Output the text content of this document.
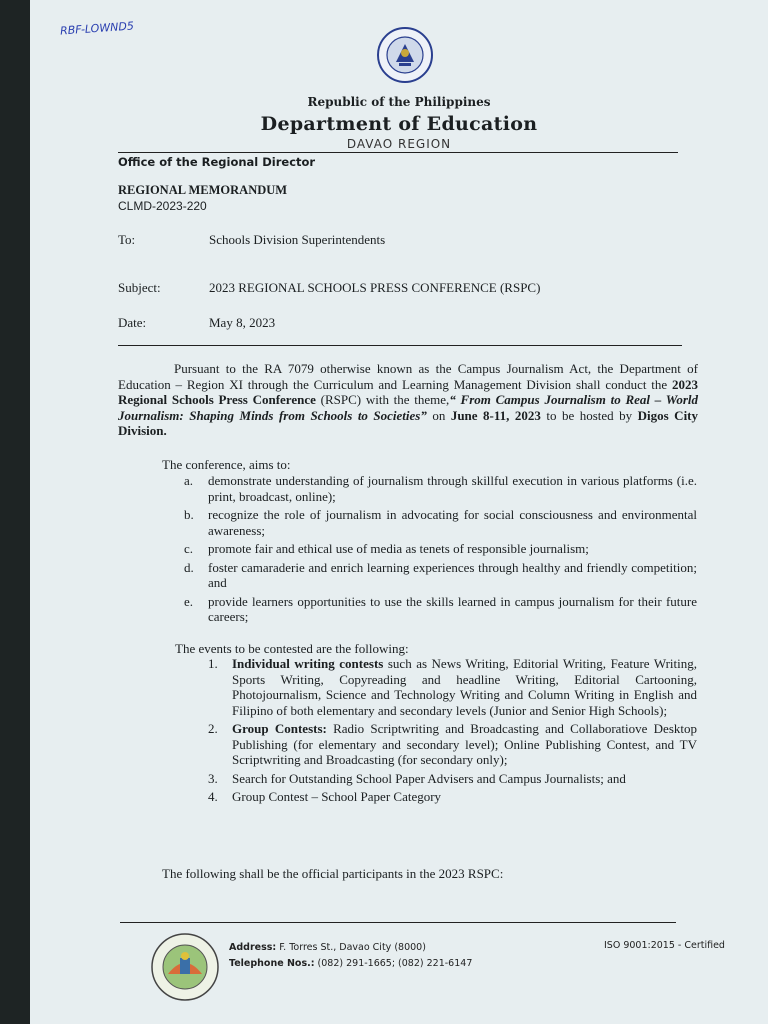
RBF-LOWND5
Republic of the Philippines
Department of Education
DAVAO REGION
Office of the Regional Director
REGIONAL MEMORANDUM
CLMD-2023-220
To:	Schools Division Superintendents
Subject:	2023 REGIONAL SCHOOLS PRESS CONFERENCE (RSPC)
Date:	May 8, 2023
Pursuant to the RA 7079 otherwise known as the Campus Journalism Act, the Department of Education – Region XI through the Curriculum and Learning Management Division shall conduct the 2023 Regional Schools Press Conference (RSPC) with the theme,“ From Campus Journalism to Real – World Journalism: Shaping Minds from Schools to Societies” on June 8-11, 2023 to be hosted by Digos City Division.
The conference, aims to:
a. demonstrate understanding of journalism through skillful execution in various platforms (i.e. print, broadcast, online);
b. recognize the role of journalism in advocating for social consciousness and environmental awareness;
c. promote fair and ethical use of media as tenets of responsible journalism;
d. foster camaraderie and enrich learning experiences through healthy and friendly competition; and
e. provide learners opportunities to use the skills learned in campus journalism for their future careers;
The events to be contested are the following:
1. Individual writing contests such as News Writing, Editorial Writing, Feature Writing, Sports Writing, Copyreading and headline Writing, Editorial Cartooning, Photojournalism, Science and Technology Writing and Column Writing in English and Filipino of both elementary and secondary levels (Junior and Senior High Schools);
2. Group Contests: Radio Scriptwriting and Broadcasting and Collaboratiove Desktop Publishing (for elementary and secondary level); Online Publishing Contest, and TV Scriptwriting and Broadcasting (for secondary only);
3. Search for Outstanding School Paper Advisers and Campus Journalists; and
4. Group Contest – School Paper Category
The following shall be the official participants in the 2023 RSPC:
Address: F. Torres St., Davao City (8000)
Telephone Nos.: (082) 291-1665; (082) 221-6147
ISO 9001:2015 - Certified
